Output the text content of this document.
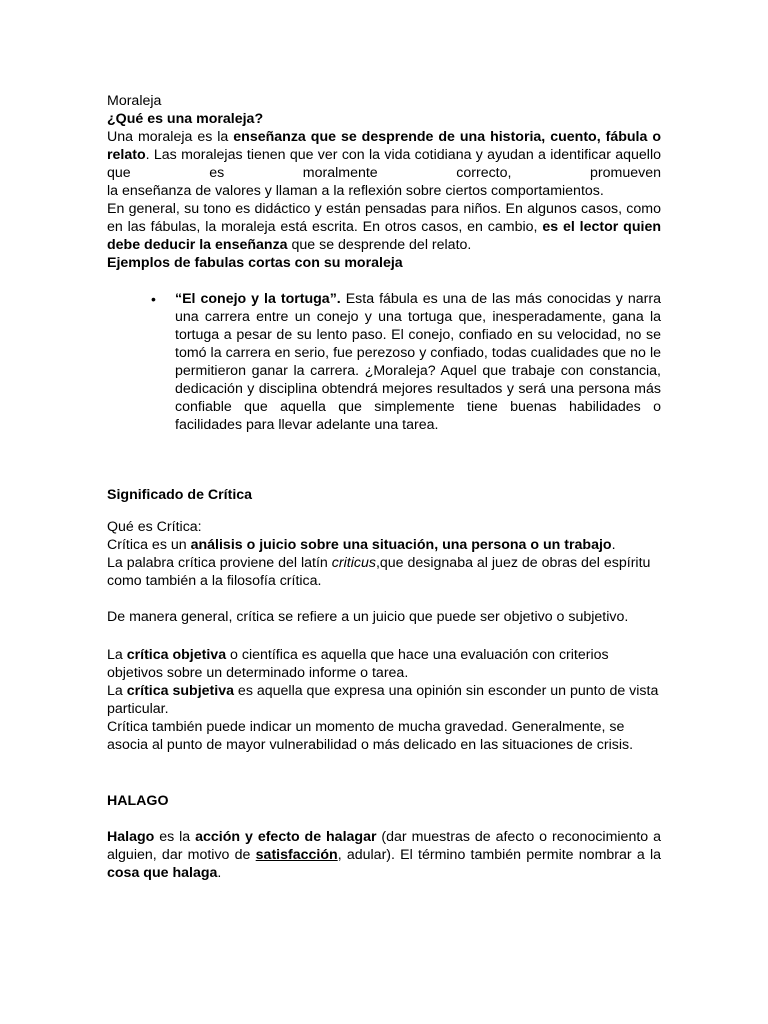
Moraleja

¿Qué es una moraleja?

Una moraleja es la enseñanza que se desprende de una historia, cuento, fábula o relato. Las moralejas tienen que ver con la vida cotidiana y ayudan a identificar aquello que es moralmente correcto, promueven

la enseñanza de valores y llaman a la reflexión sobre ciertos comportamientos.

En general, su tono es didáctico y están pensadas para niños. En algunos casos, como en las fábulas, la moraleja está escrita. En otros casos, en cambio, es el lector quien debe deducir la enseñanza que se desprende del relato.

Ejemplos de fabulas cortas con su moraleja

•	“El conejo y la tortuga”. Esta fábula es una de las más conocidas y narra una carrera entre un conejo y una tortuga que, inesperadamente, gana la tortuga a pesar de su lento paso. El conejo, confiado en su velocidad, no se tomó la carrera en serio, fue perezoso y confiado, todas cualidades que no le permitieron ganar la carrera. ¿Moraleja? Aquel que trabaje con constancia, dedicación y disciplina obtendrá mejores resultados y será una persona más confiable que aquella que simplemente tiene buenas habilidades o facilidades para llevar adelante una tarea.

Significado de Crítica

Qué es Crítica:

Crítica es un análisis o juicio sobre una situación, una persona o un trabajo.

La palabra crítica proviene del latín criticus,que designaba al juez de obras del espíritu como también a la filosofía crítica.

De manera general, crítica se refiere a un juicio que puede ser objetivo o subjetivo.

La crítica objetiva o científica es aquella que hace una evaluación con criterios objetivos sobre un determinado informe o tarea.

La crítica subjetiva es aquella que expresa una opinión sin esconder un punto de vista particular.

Crítica también puede indicar un momento de mucha gravedad. Generalmente, se asocia al punto de mayor vulnerabilidad o más delicado en las situaciones de crisis.

HALAGO

Halago es la acción y efecto de halagar (dar muestras de afecto o reconocimiento a alguien, dar motivo de satisfacción, adular). El término también permite nombrar a la cosa que halaga.
